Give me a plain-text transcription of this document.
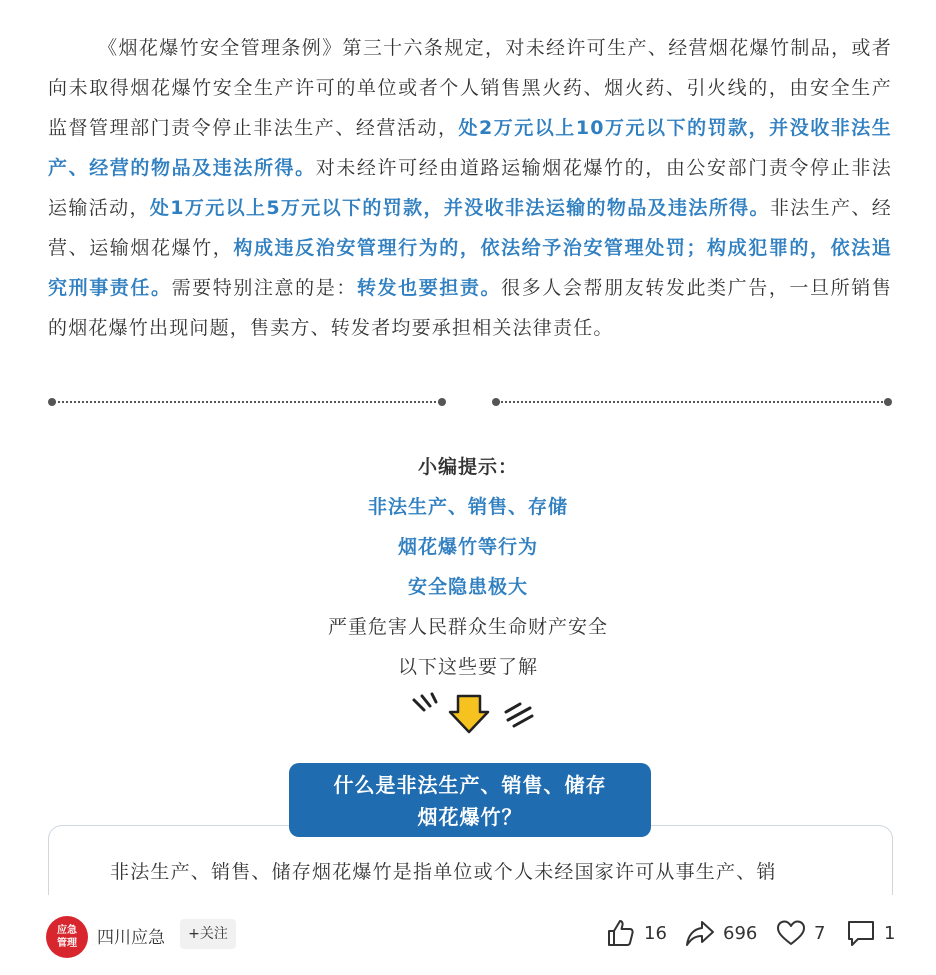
《烟花爆竹安全管理条例》第三十六条规定，对未经许可生产、经营烟花爆竹制品，或者向未取得烟花爆竹安全生产许可的单位或者个人销售黑火药、烟火药、引火线的，由安全生产监督管理部门责令停止非法生产、经营活动，处2万元以上10万元以下的罚款，并没收非法生产、经营的物品及违法所得。对未经许可经由道路运输烟花爆竹的，由公安部门责令停止非法运输活动，处1万元以上5万元以下的罚款，并没收非法运输的物品及违法所得。非法生产、经营、运输烟花爆竹，构成违反治安管理行为的，依法给予治安管理处罚；构成犯罪的，依法追究刑事责任。需要特别注意的是：转发也要担责。很多人会帮朋友转发此类广告，一旦所销售的烟花爆竹出现问题，售卖方、转发者均要承担相关法律责任。

小编提示：
非法生产、销售、存储
烟花爆竹等行为
安全隐患极大
严重危害人民群众生命财产安全
以下这些要了解
什么是非法生产、销售、储存
烟花爆竹？
非法生产、销售、储存烟花爆竹是指单位或个人未经国家许可从事生产、销
应急
管理	四川应急	+关注	16	696	7	1
